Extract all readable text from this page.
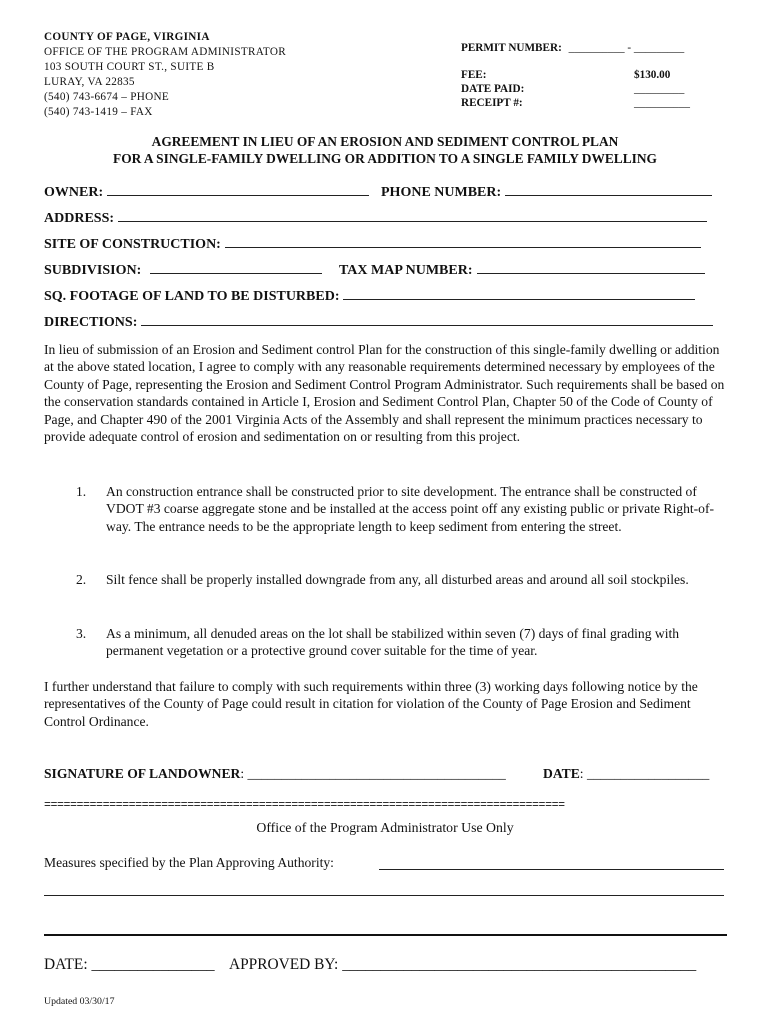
COUNTY OF PAGE, VIRGINIA
OFFICE OF THE PROGRAM ADMINISTRATOR
103 SOUTH COURT ST., SUITE B
LURAY, VA 22835
(540) 743-6674 – PHONE
(540) 743-1419 – FAX
PERMIT NUMBER: __________ - _________
FEE:	$130.00
DATE PAID:	_________
RECEIPT #:	__________
AGREEMENT IN LIEU OF AN EROSION AND SEDIMENT CONTROL PLAN
FOR A SINGLE-FAMILY DWELLING OR ADDITION TO A SINGLE FAMILY DWELLING
OWNER:	PHONE NUMBER:
ADDRESS:
SITE OF CONSTRUCTION:
SUBDIVISION:	TAX MAP NUMBER:
SQ. FOOTAGE OF LAND TO BE DISTURBED:
DIRECTIONS:
In lieu of submission of an Erosion and Sediment control Plan for the construction of this single-family dwelling or addition at the above stated location, I agree to comply with any reasonable requirements determined necessary by employees of the County of Page, representing the Erosion and Sediment Control Program Administrator. Such requirements shall be based on the conservation standards contained in Article I, Erosion and Sediment Control Plan, Chapter 50 of the Code of County of Page, and Chapter 490 of the 2001 Virginia Acts of the Assembly and shall represent the minimum practices necessary to provide adequate control of erosion and sedimentation on or resulting from this project.
1. An construction entrance shall be constructed prior to site development. The entrance shall be constructed of VDOT #3 coarse aggregate stone and be installed at the access point off any existing public or private Right-of-way. The entrance needs to be the appropriate length to keep sediment from entering the street.
2. Silt fence shall be properly installed downgrade from any, all disturbed areas and around all soil stockpiles.
3. As a minimum, all denuded areas on the lot shall be stabilized within seven (7) days of final grading with permanent vegetation or a protective ground cover suitable for the time of year.
I further understand that failure to comply with such requirements within three (3) working days following notice by the representatives of the County of Page could result in citation for violation of the County of Page Erosion and Sediment Control Ordinance.
SIGNATURE OF LANDOWNER: ______________________________________	DATE: __________________
================================================================================
Office of the Program Administrator Use Only
Measures specified by the Plan Approving Authority:
DATE: ________________ APPROVED BY: ______________________________________________
Updated 03/30/17
